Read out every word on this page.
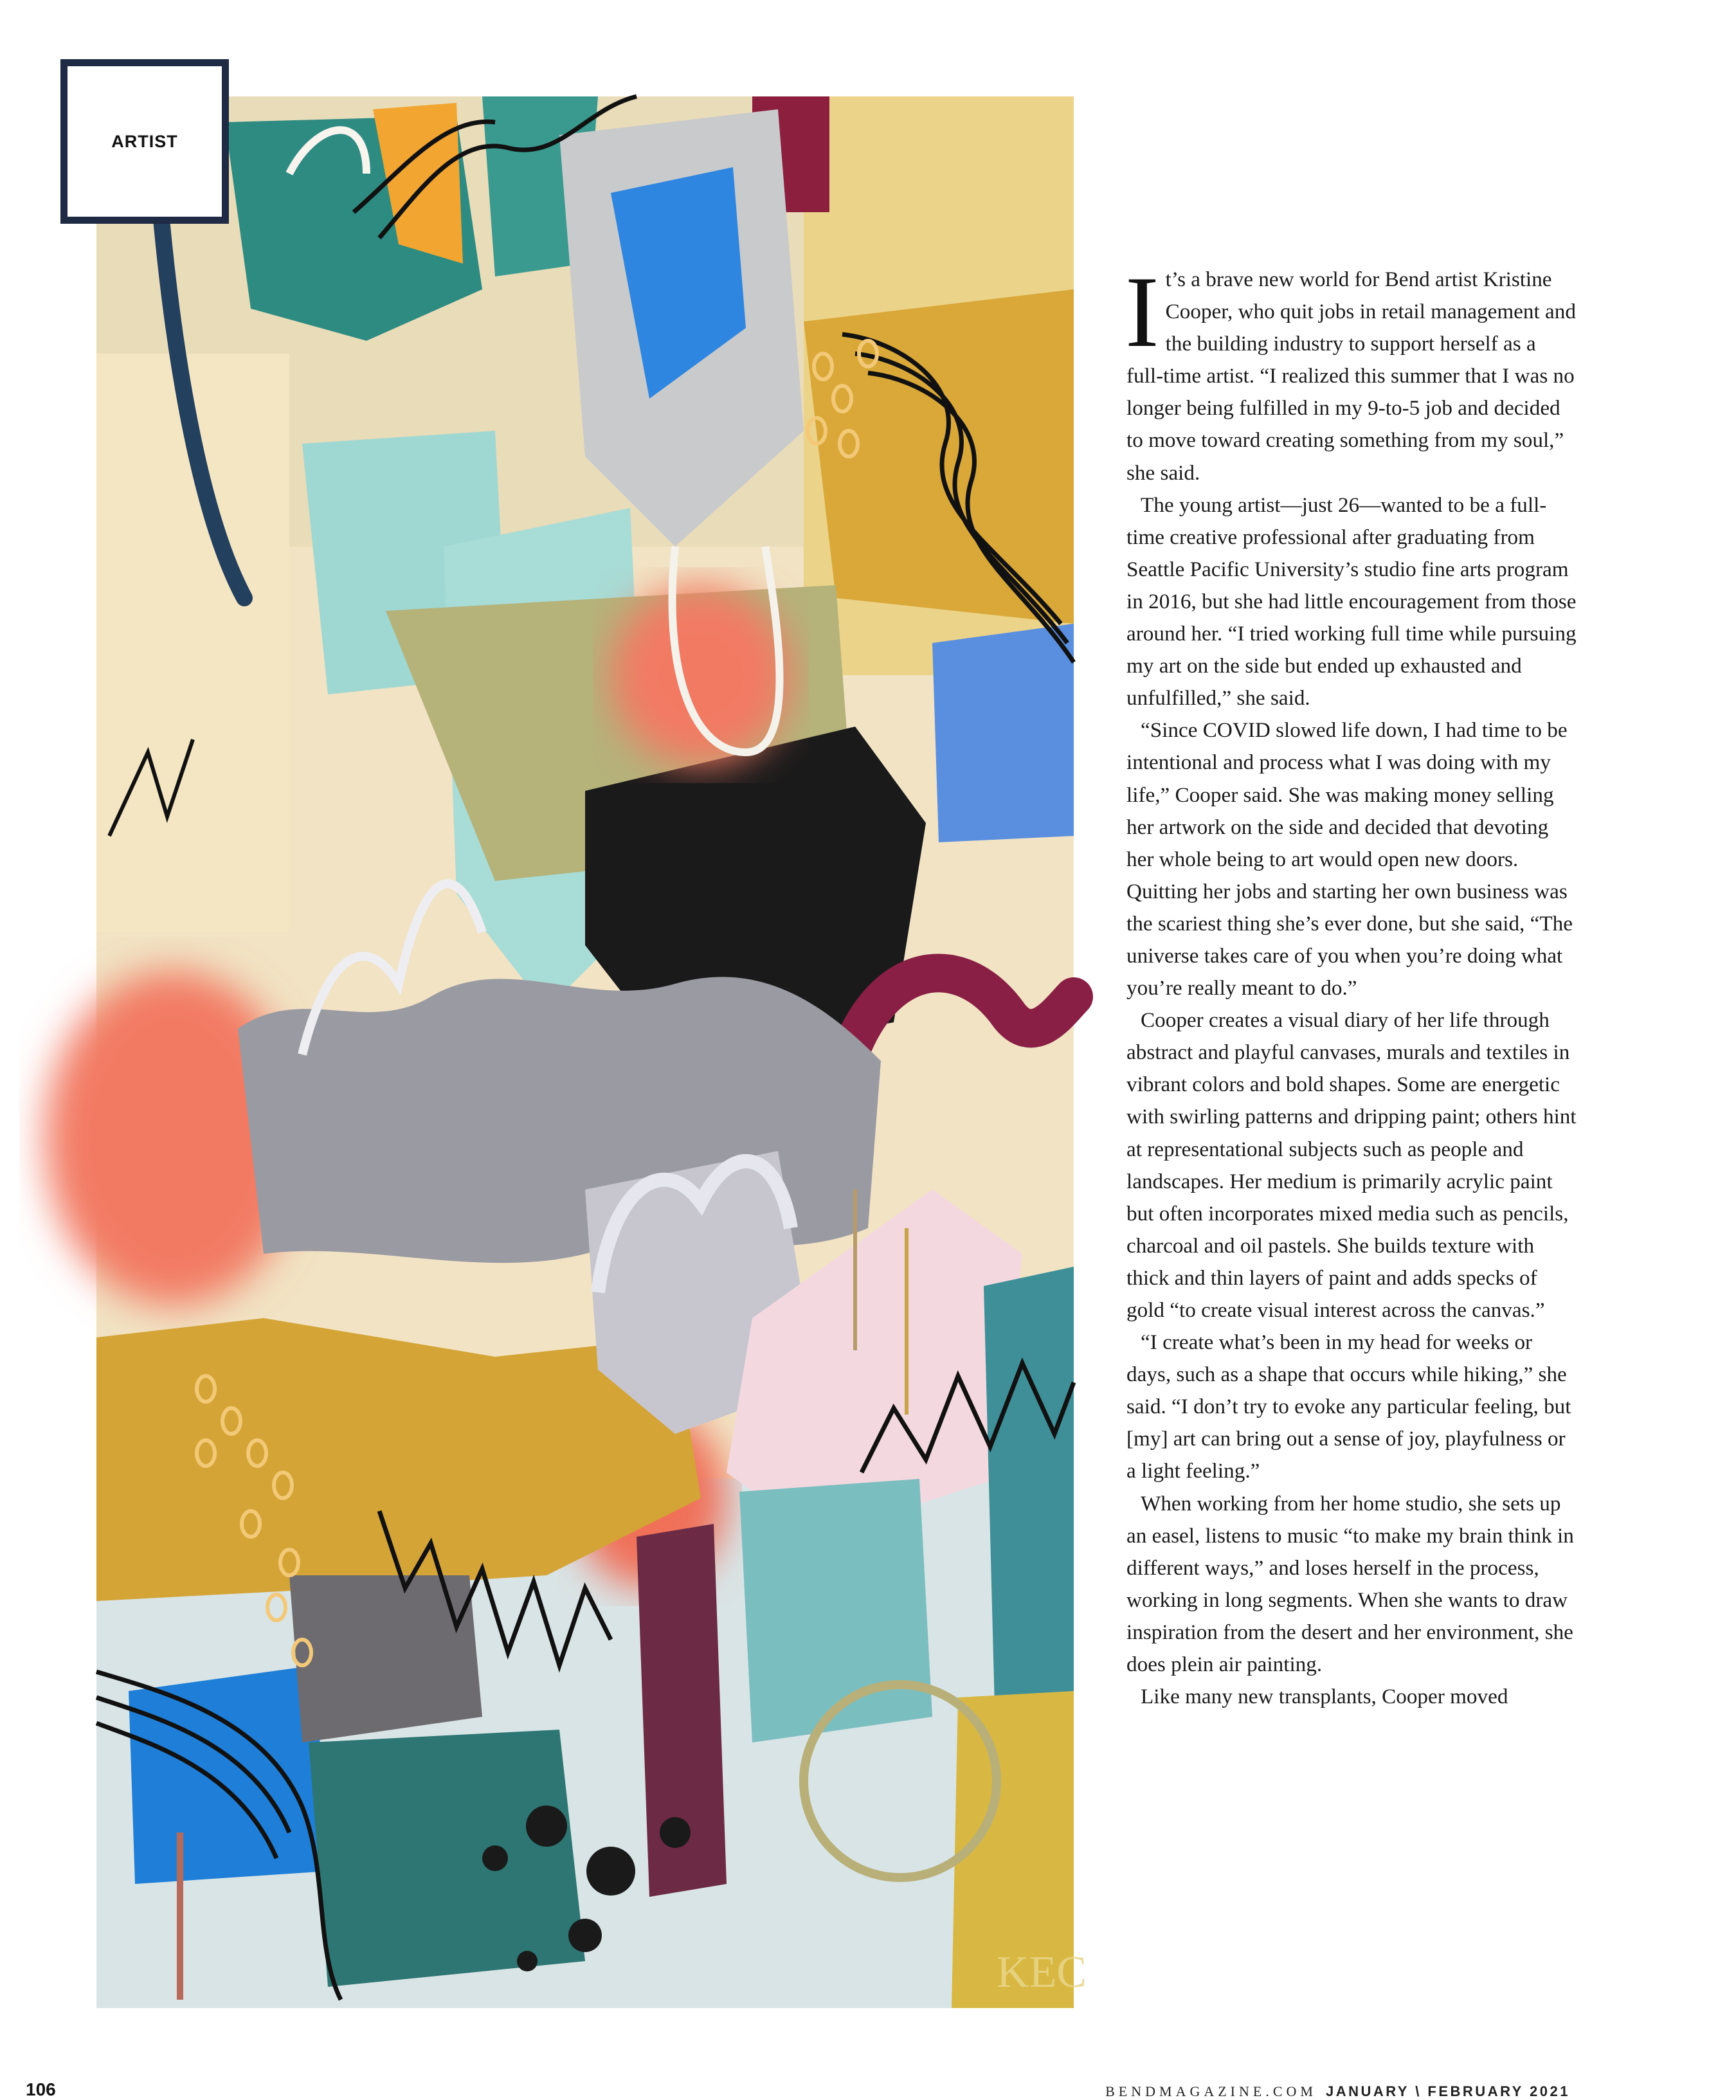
KEC
ARTIST

It’s a brave new world for Bend artist Kristine Cooper, who quit jobs in retail management and the building industry to support herself as a full-time artist. “I realized this summer that I was no longer being fulfilled in my 9-to-5 job and decided to move toward creating something from my soul,” she said.

The young artist—just 26—wanted to be a full-time creative professional after graduating from Seattle Pacific University’s studio fine arts program in 2016, but she had little encouragement from those around her. “I tried working full time while pursuing my art on the side but ended up exhausted and unfulfilled,” she said.

“Since COVID slowed life down, I had time to be intentional and process what I was doing with my life,” Cooper said. She was making money selling her artwork on the side and decided that devoting her whole being to art would open new doors. Quitting her jobs and starting her own business was the scariest thing she’s ever done, but she said, “The universe takes care of you when you’re doing what you’re really meant to do.”

Cooper creates a visual diary of her life through abstract and playful canvases, murals and textiles in vibrant colors and bold shapes. Some are energetic with swirling patterns and dripping paint; others hint at representational subjects such as people and landscapes. Her medium is primarily acrylic paint but often incorporates mixed media such as pencils, charcoal and oil pastels. She builds texture with thick and thin layers of paint and adds specks of gold “to create visual interest across the canvas.”

“I create what’s been in my head for weeks or days, such as a shape that occurs while hiking,” she said. “I don’t try to evoke any particular feeling, but [my] art can bring out a sense of joy, playfulness or a light feeling.”

When working from her home studio, she sets up an easel, listens to music “to make my brain think in different ways,” and loses herself in the process, working in long segments. When she wants to draw inspiration from the desert and her environment, she does plein air painting.

Like many new transplants, Cooper moved

106	BENDMAGAZINE.COM JANUARY \ FEBRUARY 2021
